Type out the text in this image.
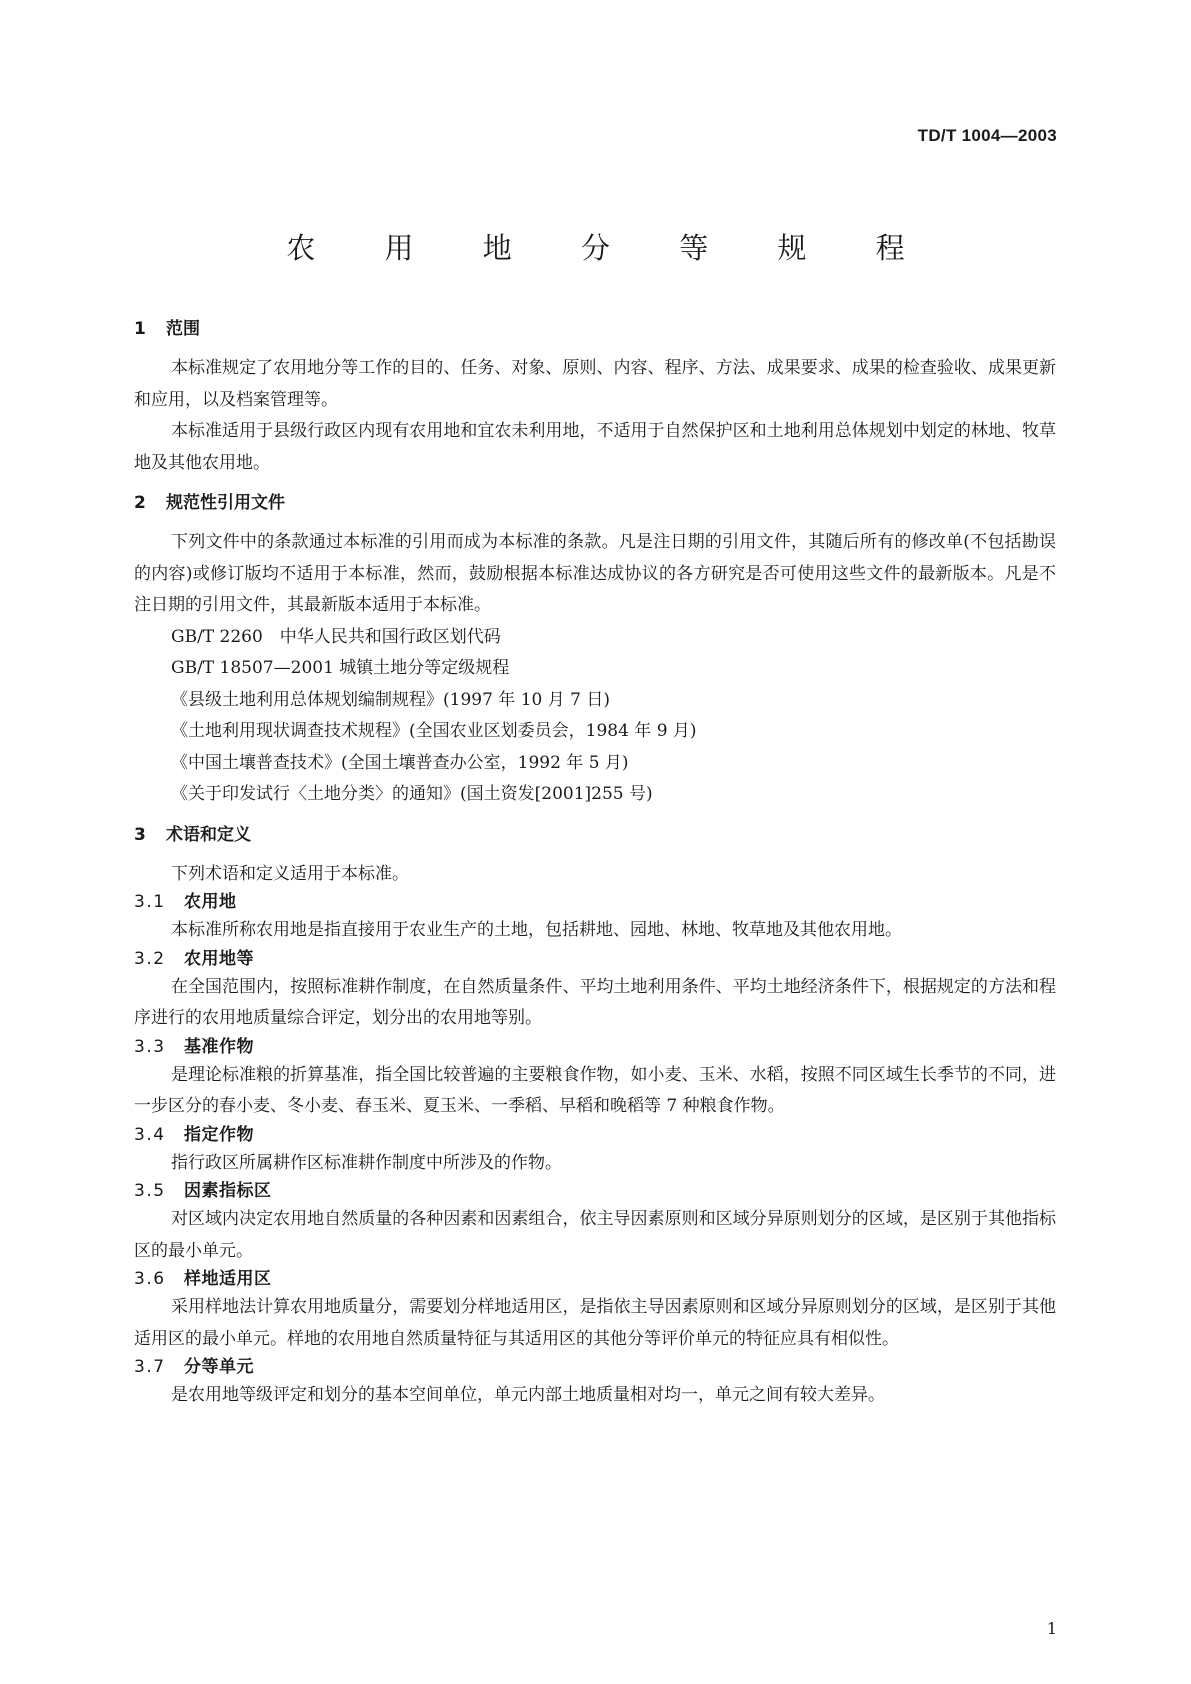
TD/T 1004—2003
农 用 地 分 等 规 程
1 范围

本标准规定了农用地分等工作的目的、任务、对象、原则、内容、程序、方法、成果要求、成果的检查验收、成果更新和应用，以及档案管理等。

本标准适用于县级行政区内现有农用地和宜农未利用地，不适用于自然保护区和土地利用总体规划中划定的林地、牧草地及其他农用地。

2 规范性引用文件

下列文件中的条款通过本标准的引用而成为本标准的条款。凡是注日期的引用文件，其随后所有的修改单(不包括勘误的内容)或修订版均不适用于本标准，然而，鼓励根据本标准达成协议的各方研究是否可使用这些文件的最新版本。凡是不注日期的引用文件，其最新版本适用于本标准。

GB/T 2260　中华人民共和国行政区划代码

GB/T 18507—2001 城镇土地分等定级规程

《县级土地利用总体规划编制规程》(1997 年 10 月 7 日)

《土地利用现状调查技术规程》(全国农业区划委员会，1984 年 9 月)

《中国土壤普查技术》(全国土壤普查办公室，1992 年 5 月)

《关于印发试行〈土地分类〉的通知》(国土资发[2001]255 号)

3 术语和定义

下列术语和定义适用于本标准。

3.1 农用地

本标准所称农用地是指直接用于农业生产的土地，包括耕地、园地、林地、牧草地及其他农用地。

3.2 农用地等

在全国范围内，按照标准耕作制度，在自然质量条件、平均土地利用条件、平均土地经济条件下，根据规定的方法和程序进行的农用地质量综合评定，划分出的农用地等别。

3.3 基准作物

是理论标准粮的折算基准，指全国比较普遍的主要粮食作物，如小麦、玉米、水稻，按照不同区域生长季节的不同，进一步区分的春小麦、冬小麦、春玉米、夏玉米、一季稻、早稻和晚稻等 7 种粮食作物。

3.4 指定作物

指行政区所属耕作区标准耕作制度中所涉及的作物。

3.5 因素指标区

对区域内决定农用地自然质量的各种因素和因素组合，依主导因素原则和区域分异原则划分的区域，是区别于其他指标区的最小单元。

3.6 样地适用区

采用样地法计算农用地质量分，需要划分样地适用区，是指依主导因素原则和区域分异原则划分的区域，是区别于其他适用区的最小单元。样地的农用地自然质量特征与其适用区的其他分等评价单元的特征应具有相似性。

3.7 分等单元

是农用地等级评定和划分的基本空间单位，单元内部土地质量相对均一，单元之间有较大差异。

1
